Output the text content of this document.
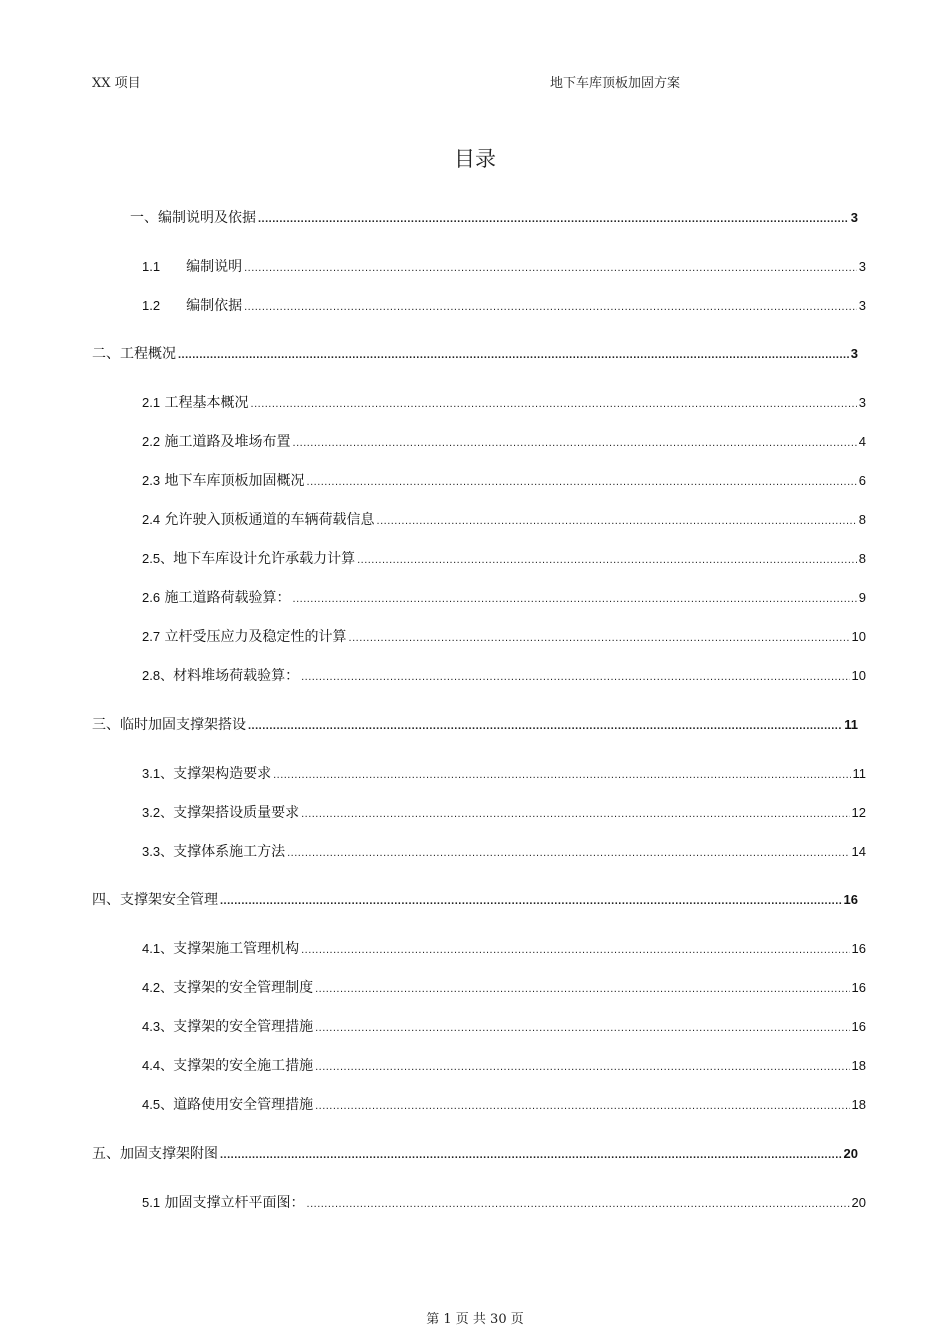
XX 项目	地下车库顶板加固方案
目录
一、编制说明及依据 .....	3
1.1 编制说明 .....	3
1.2 编制依据 .....	3
二、工程概况 .....	3
2.1 工程基本概况 .....	3
2.2 施工道路及堆场布置 .....	4
2.3 地下车库顶板加固概况 .....	6
2.4 允许驶入顶板通道的车辆荷载信息 .....	8
2.5、地下车库设计允许承载力计算 .....	8
2.6 施工道路荷载验算： .....	9
2.7 立杆受压应力及稳定性的计算 .....	10
2.8、材料堆场荷载验算： .....	10
三、临时加固支撑架搭设 .....	11
3.1、支撑架构造要求 .....	11
3.2、支撑架搭设质量要求 .....	12
3.3、支撑体系施工方法 .....	14
四、支撑架安全管理 .....	16
4.1、支撑架施工管理机构 .....	16
4.2、支撑架的安全管理制度 .....	16
4.3、支撑架的安全管理措施 .....	16
4.4、支撑架的安全施工措施 .....	18
4.5、道路使用安全管理措施 .....	18
五、加固支撑架附图 .....	20
5.1 加固支撑立杆平面图： .....	20
第 1 页 共 30 页
